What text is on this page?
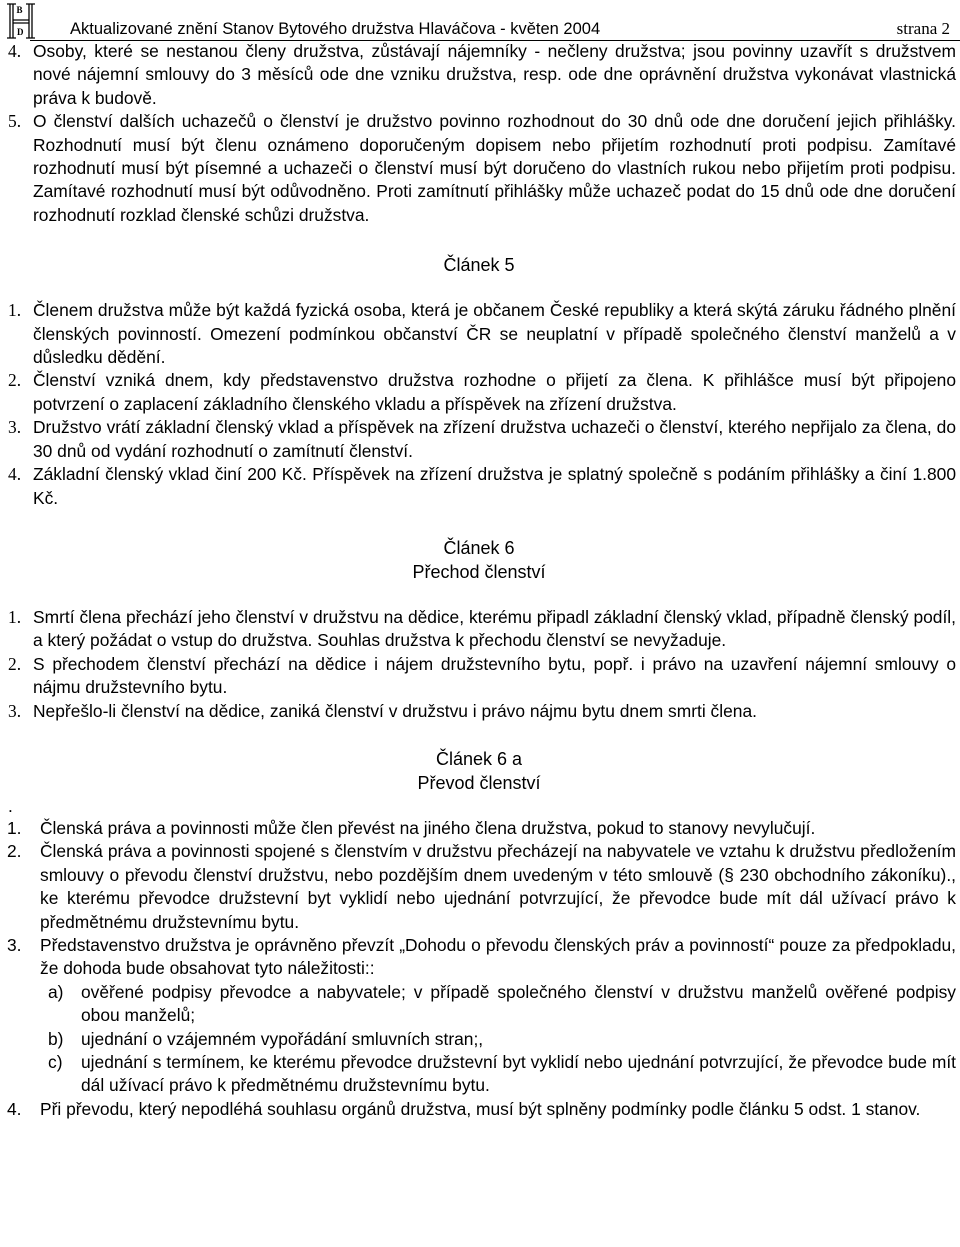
B
D	Aktualizované znění Stanov Bytového družstva Hlaváčova - květen 2004	strana 2
4. Osoby, které se nestanou členy družstva, zůstávají nájemníky - nečleny družstva; jsou povinny uzavřít s družstvem nové nájemní smlouvy do 3 měsíců ode dne vzniku družstva, resp. ode dne oprávnění družstva vykonávat vlastnická práva k budově.
5. O členství dalších uchazečů o členství je družstvo povinno rozhodnout do 30 dnů ode dne doručení jejich přihlášky. Rozhodnutí musí být členu oznámeno doporučeným dopisem nebo přijetím rozhodnutí proti podpisu. Zamítavé rozhodnutí musí být písemné a uchazeči o členství musí být doručeno do vlastních rukou nebo přijetím proti podpisu. Zamítavé rozhodnutí musí být odůvodněno. Proti zamítnutí přihlášky může uchazeč podat do 15 dnů ode dne doručení rozhodnutí rozklad členské schůzi družstva.
Článek 5
1. Členem družstva může být každá fyzická osoba, která je občanem České republiky a která skýtá záruku řádného plnění členských povinností. Omezení podmínkou občanství ČR se neuplatní v případě společného členství manželů a v důsledku dědění.
2. Členství vzniká dnem, kdy představenstvo družstva rozhodne o přijetí za člena. K přihlášce musí být připojeno potvrzení o zaplacení základního členského vkladu a příspěvek na zřízení družstva.
3. Družstvo vrátí základní členský vklad a příspěvek na zřízení družstva uchazeči o členství, kterého nepřijalo za člena, do 30 dnů od vydání rozhodnutí o zamítnutí členství.
4. Základní členský vklad činí 200 Kč. Příspěvek na zřízení družstva je splatný společně s podáním přihlášky a činí 1.800 Kč.
Článek 6
Přechod členství
1. Smrtí člena přechází jeho členství v družstvu na dědice, kterému připadl základní členský vklad, případně členský podíl, a který požádat o vstup do družstva. Souhlas družstva k přechodu členství se nevyžaduje.
2. S přechodem členství přechází na dědice i nájem družstevního bytu, popř. i právo na uzavření nájemní smlouvy o nájmu družstevního bytu.
3. Nepřešlo-li členství na dědice, zaniká členství v družstvu i právo nájmu bytu dnem smrti člena.
Článek 6 a
Převod členství
.
1. Členská práva a povinnosti může člen převést na jiného člena družstva, pokud to stanovy nevylučují.
2. Členská práva a povinnosti spojené s členstvím v družstvu přecházejí na nabyvatele ve vztahu k družstvu předložením smlouvy o převodu členství družstvu, nebo pozdějším dnem uvedeným v této smlouvě (§ 230 obchodního zákoníku)., ke kterému převodce družstevní byt vyklidí nebo ujednání potvrzující, že převodce bude mít dál užívací právo k předmětnému družstevnímu bytu.
3. Představenstvo družstva je oprávněno převzít „Dohodu o převodu členských práv a povinností“ pouze za předpokladu, že dohoda bude obsahovat tyto náležitosti::
a) ověřené podpisy převodce a nabyvatele; v případě společného členství v družstvu manželů ověřené podpisy obou manželů;
b) ujednání o vzájemném vypořádání smluvních stran;,
c) ujednání s termínem, ke kterému převodce družstevní byt vyklidí nebo ujednání potvrzující, že převodce bude mít dál užívací právo k předmětnému družstevnímu bytu.
4. Při převodu, který nepodléhá souhlasu orgánů družstva, musí být splněny podmínky podle článku 5 odst. 1 stanov.
